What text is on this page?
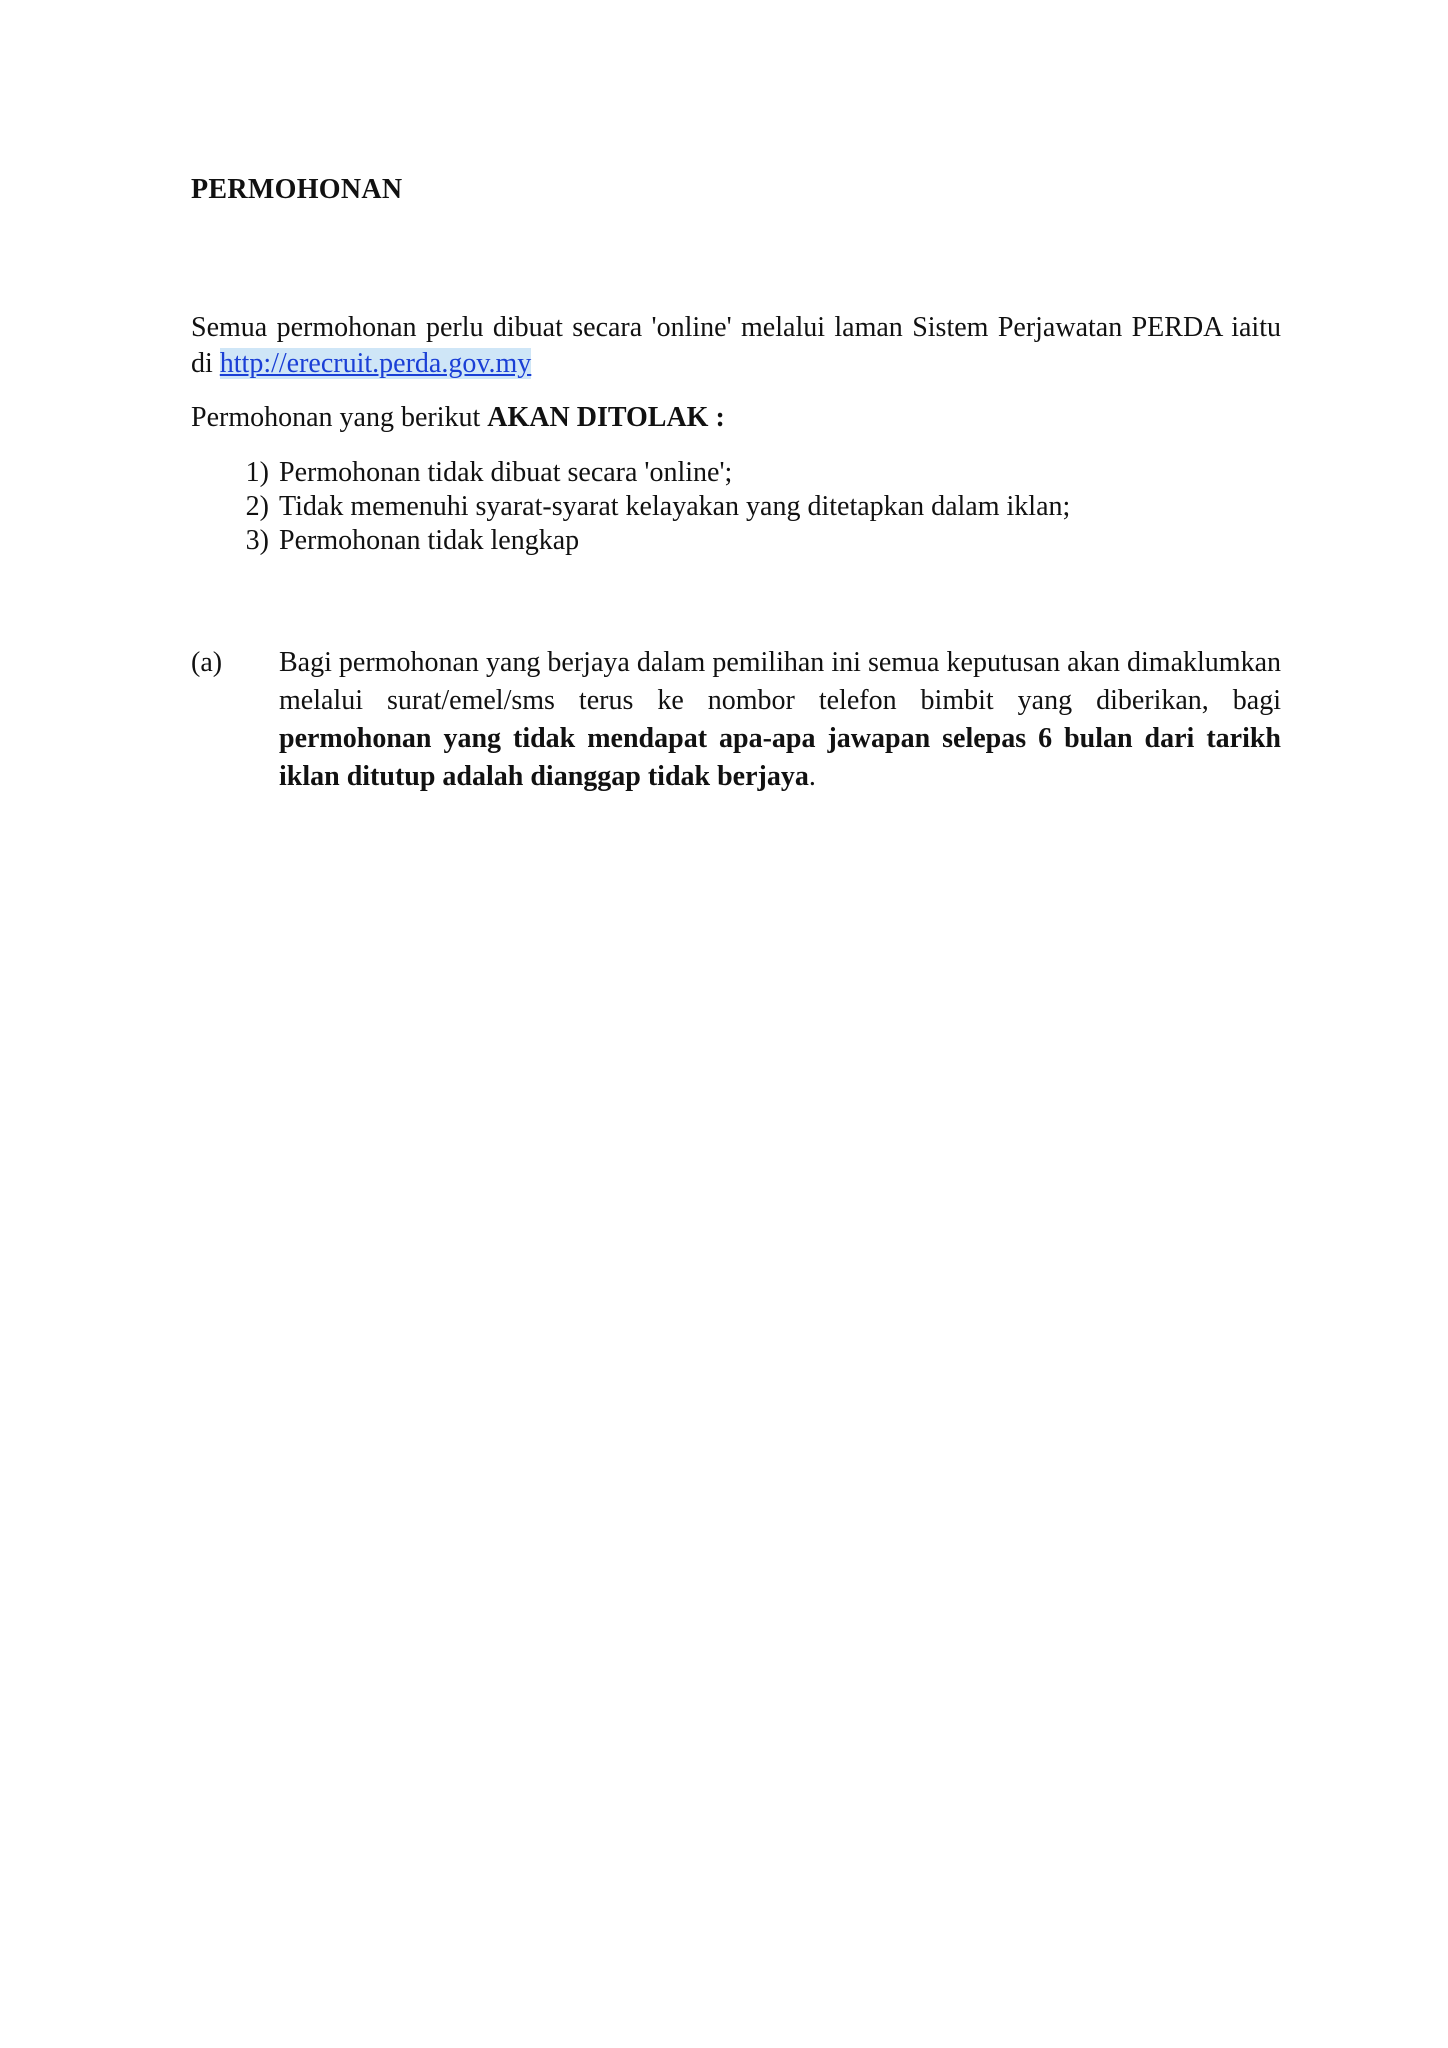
PERMOHONAN

Semua permohonan perlu dibuat secara 'online' melalui laman Sistem Perjawatan PERDA iaitu di http://erecruit.perda.gov.my

Permohonan yang berikut AKAN DITOLAK :

1) Permohonan tidak dibuat secara 'online';
2) Tidak memenuhi syarat-syarat kelayakan yang ditetapkan dalam iklan;
3) Permohonan tidak lengkap
(a)	Bagi permohonan yang berjaya dalam pemilihan ini semua keputusan akan dimaklumkan melalui surat/emel/sms terus ke nombor telefon bimbit yang diberikan, bagi permohonan yang tidak mendapat apa-apa jawapan selepas 6 bulan dari tarikh iklan ditutup adalah dianggap tidak berjaya.
